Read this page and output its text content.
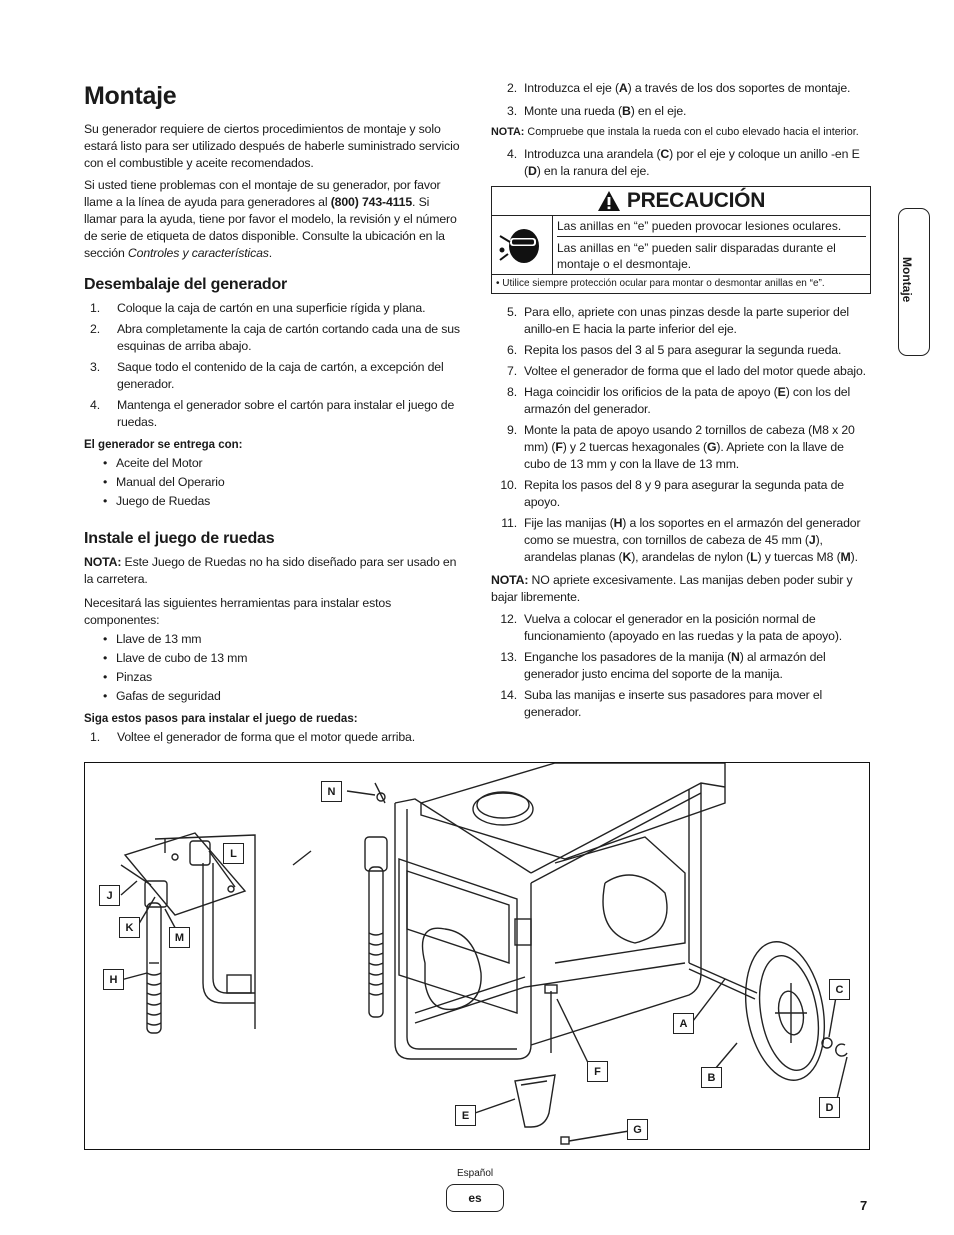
Montaje

Su generador requiere de ciertos procedimientos de montaje y solo estará listo para ser utilizado después de haberle suministrado servicio con el combustible y aceite recomendados.

Si usted tiene problemas con el montaje de su generador, por favor llame a la línea de ayuda para generadores al (800) 743-4115. Si llamar para la ayuda, tiene por favor el modelo, la revisión y el número de serie de etiqueta de datos disponible. Consulte la ubicación en la sección Controles y características.

Desembalaje del generador
1. Coloque la caja de cartón en una superficie rígida y plana.
2. Abra completamente la caja de cartón cortando cada una de sus esquinas de arriba abajo.
3. Saque todo el contenido de la caja de cartón, a excepción del generador.
4. Mantenga el generador sobre el cartón para instalar el juego de ruedas.
El generador se entrega con:
• Aceite del Motor
• Manual del Operario
• Juego de Ruedas
Instale el juego de ruedas

NOTA: Este Juego de Ruedas no ha sido diseñado para ser usado en la carretera.

Necesitará las siguientes herramientas para instalar estos componentes:

• Llave de 13 mm
• Llave de cubo de 13 mm
• Pinzas
• Gafas de seguridad
Siga estos pasos para instalar el juego de ruedas:
1. Voltee el generador de forma que el motor quede arriba.
2. Introduzca el eje (A) a través de los dos soportes de montaje.
3. Monte una rueda (B) en el eje.
NOTA: Compruebe que instala la rueda con el cubo elevado hacia el interior.
4. Introduzca una arandela (C) por el eje y coloque un anillo -en E (D) en la ranura del eje.
PRECAUCIÓN
Las anillas en “e” pueden provocar lesiones oculares.
Las anillas en “e” pueden salir disparadas durante el montaje o el desmontaje.
• Utilice siempre protección ocular para montar o desmontar anillas en “e”.
5. Para ello, apriete con unas pinzas desde la parte superior del anillo-en E hacia la parte inferior del eje.
6. Repita los pasos del 3 al 5 para asegurar la segunda rueda.
7. Voltee el generador de forma que el lado del motor quede abajo.
8. Haga coincidir los orificios de la pata de apoyo (E) con los del armazón del generador.
9. Monte la pata de apoyo usando 2 tornillos de cabeza (M8 x 20 mm) (F) y 2 tuercas hexagonales (G). Apriete con la llave de cubo de 13 mm y con la llave de 13 mm.
10. Repita los pasos del 8 y 9 para asegurar la segunda pata de apoyo.
11. Fije las manijas (H) a los soportes en el armazón del generador como se muestra, con tornillos de cabeza de 45 mm (J), arandelas planas (K), arandelas de nylon (L) y tuercas M8 (M).

NOTA: NO apriete excesivamente. Las manijas deben poder subir y bajar libremente.

12. Vuelva a colocar el generador en la posición normal de funcionamiento (apoyado en las ruedas y la pata de apoyo).
13. Enganche los pasadores de la manija (N) al armazón del generador justo encima del soporte de la manija.
14. Suba las manijas e inserte sus pasadores para mover el generador.
Montaje
N
L
J
K
M
H
C
A
B
D
F
E
G
Español
es	7
